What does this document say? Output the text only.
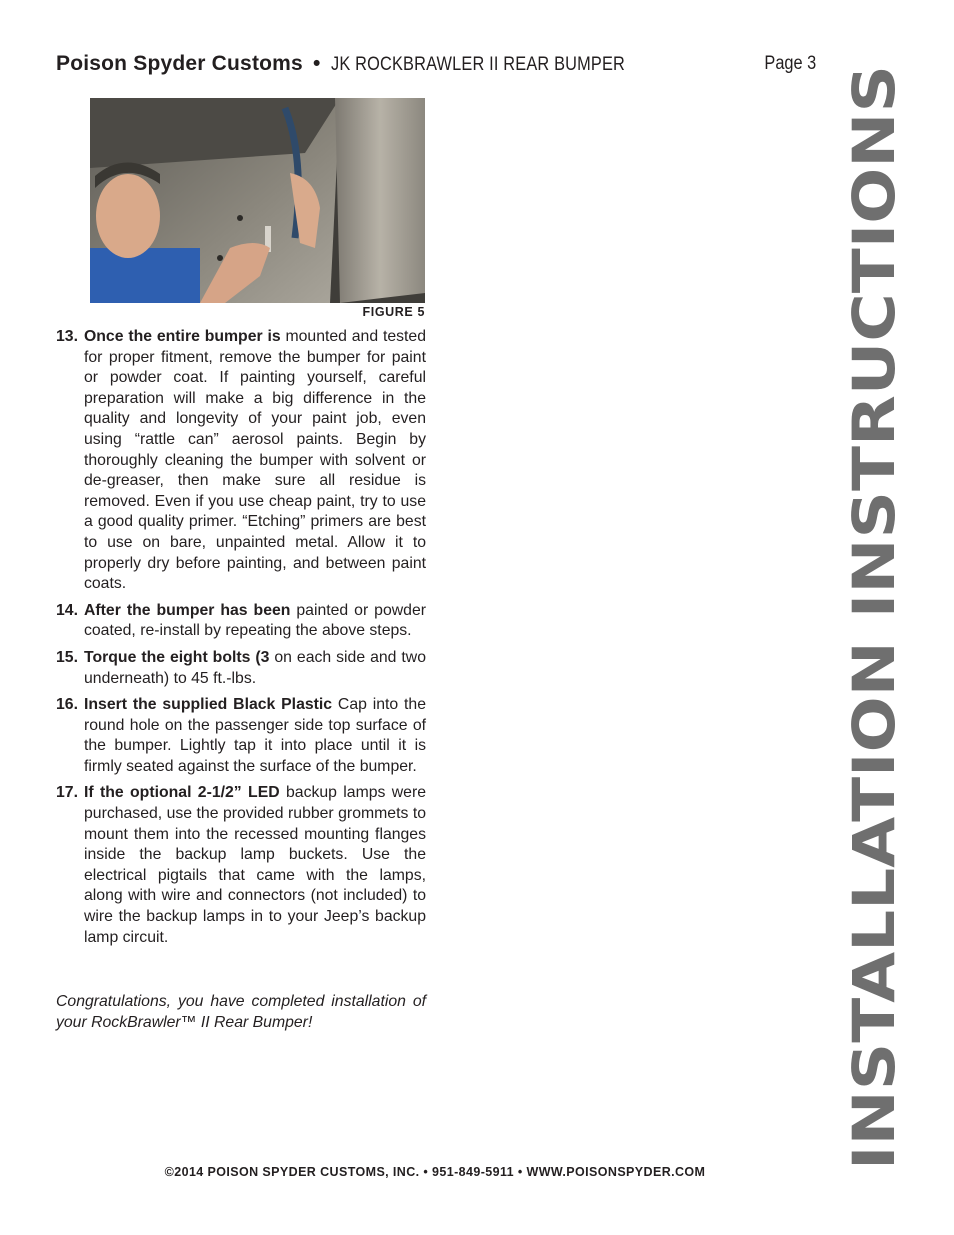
Poison Spyder Customs • JK ROCKBRAWLER II REAR BUMPER	Page 3
FIGURE 5
13. Once the entire bumper is mounted and tested for proper fitment, remove the bumper for paint or powder coat. If painting yourself, careful preparation will make a big difference in the quality and longevity of your paint job, even using “rattle can” aerosol paints. Begin by thoroughly cleaning the bumper with solvent or de-greaser, then make sure all residue is removed. Even if you use cheap paint, try to use a good quality primer. “Etching” primers are best to use on bare, unpainted metal. Allow it to properly dry before painting, and between paint coats.
14. After the bumper has been painted or powder coated, re-install by repeating the above steps.
15. Torque the eight bolts (3 on each side and two underneath) to 45 ft.-lbs.
16. Insert the supplied Black Plastic Cap into the round hole on the passenger side top surface of the bumper. Lightly tap it into place until it is firmly seated against the surface of the bumper.
17. If the optional 2-1/2” LED backup lamps were purchased, use the provided rubber grommets to mount them into the recessed mounting flanges inside the backup lamp buckets. Use the electrical pigtails that came with the lamps, along with wire and connectors (not included) to wire the backup lamps in to your Jeep’s backup lamp circuit.
Congratulations, you have completed installation of your RockBrawler™ II Rear Bumper!
©2014 POISON SPYDER CUSTOMS, INC. • 951-849-5911 • WWW.POISONSPYDER.COM
INSTALLATION INSTRUCTIONS
